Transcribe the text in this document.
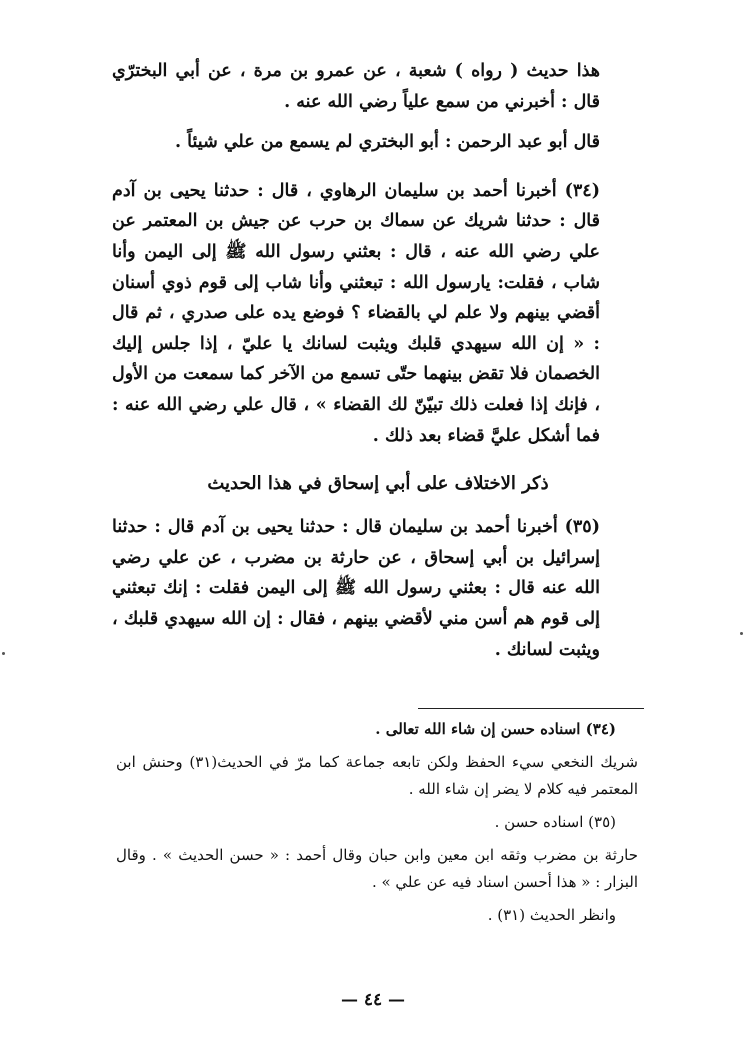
هذا حديث ( رواه ) شعبة ، عن عمرو بن مرة ، عن أبي البخترّي قال : أخبرني من سمع علياً رضي الله عنه .

قال أبو عبد الرحمن : أبو البختري لم يسمع من علي شيئاً .

(٣٤) أخبرنا أحمد بن سليمان الرهاوي ، قال : حدثنا يحيى بن آدم قال : حدثنا شريك عن سماك بن حرب عن جيش بن المعتمر عن علي رضي الله عنه ، قال : بعثني رسول الله ﷺ إلى اليمن وأنا شاب ، فقلت: يارسول الله : تبعثني وأنا شاب إلى قوم ذوي أسنان أقضي بينهم ولا علم لي بالقضاء ؟ فوضع يده على صدري ، ثم قال : « إن الله سيهدي قلبك ويثبت لسانك يا عليّ ، إذا جلس إليك الخصمان فلا تقض بينهما حتّى تسمع من الآخر كما سمعت من الأول ، فإنك إذا فعلت ذلك تبيّنّ لك القضاء » ، قال علي رضي الله عنه : فما أشكل عليَّ قضاء بعد ذلك .

ذكر الاختلاف على أبي إسحاق في هذا الحديث

(٣٥) أخبرنا أحمد بن سليمان قال : حدثنا يحيى بن آدم قال : حدثنا إسرائيل بن أبي إسحاق ، عن حارثة بن مضرب ، عن علي رضي الله عنه قال : بعثني رسول الله ﷺ إلى اليمن فقلت : إنك تبعثني إلى قوم هم أسن مني لأقضي بينهم ، فقال : إن الله سيهدي قلبك ، ويثبت لسانك .

(٣٤) اسناده حسن إن شاء الله تعالى .

شريك النخعي سيء الحفظ ولكن تابعه جماعة كما مرّ في الحديث(٣١) وحنش ابن المعتمر فيه كلام لا يضر إن شاء الله .

(٣٥) اسناده حسن .

حارثة بن مضرب وثقه ابن معين وابن حبان وقال أحمد : « حسن الحديث » . وقال البزار : « هذا أحسن اسناد فيه عن علي » .

وانظر الحديث (٣١) .

— ٤٤ —
